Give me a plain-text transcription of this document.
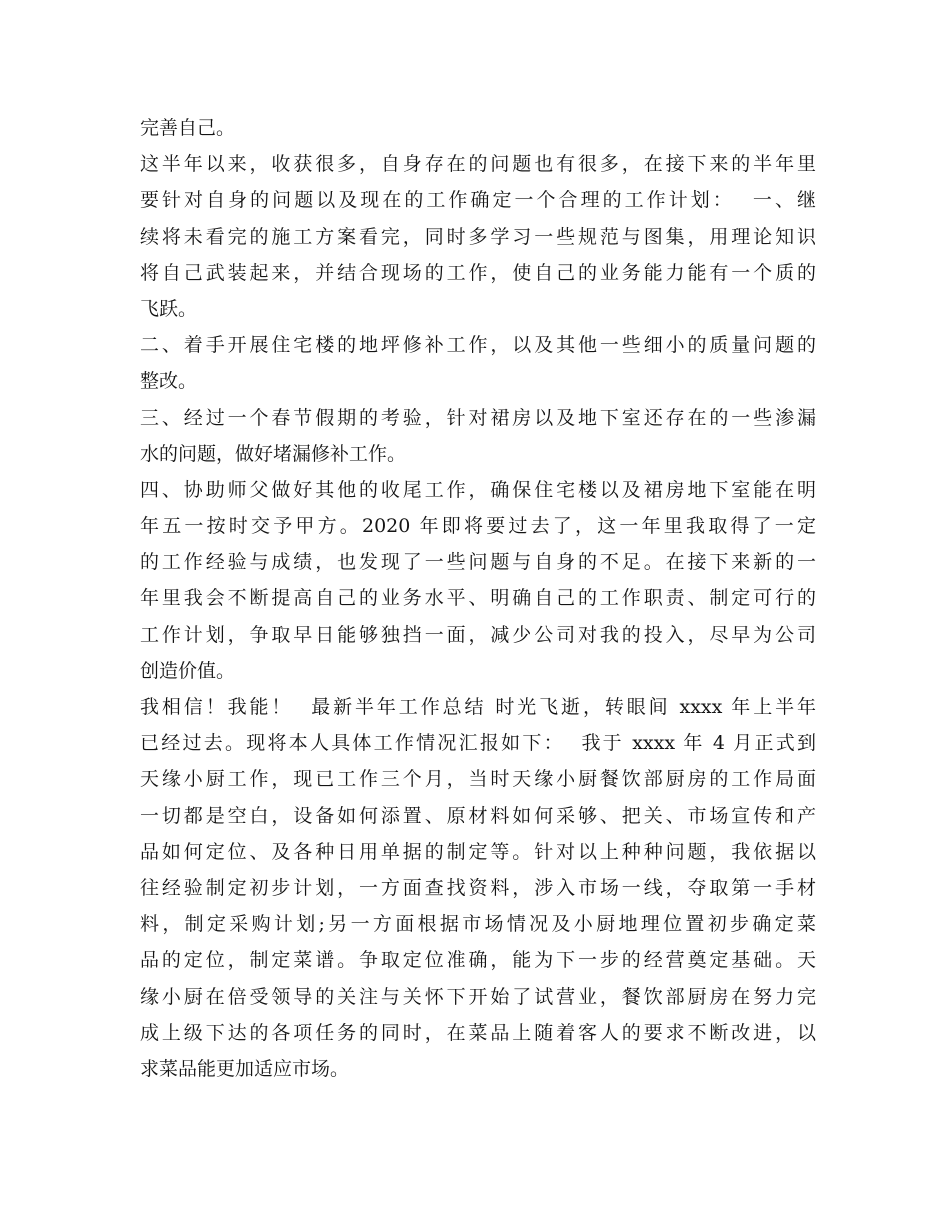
完善自己。
这半年以来，收获很多，自身存在的问题也有很多，在接下来的半年里
要针对自身的问题以及现在的工作确定一个合理的工作计划：  一、继
续将未看完的施工方案看完，同时多学习一些规范与图集，用理论知识
将自己武装起来，并结合现场的工作，使自己的业务能力能有一个质的
飞跃。
二、着手开展住宅楼的地坪修补工作，以及其他一些细小的质量问题的
整改。
三、经过一个春节假期的考验，针对裙房以及地下室还存在的一些渗漏
水的问题，做好堵漏修补工作。
四、协助师父做好其他的收尾工作，确保住宅楼以及裙房地下室能在明
年五一按时交予甲方。2020 年即将要过去了，这一年里我取得了一定
的工作经验与成绩，也发现了一些问题与自身的不足。在接下来新的一
年里我会不断提高自己的业务水平、明确自己的工作职责、制定可行的
工作计划，争取早日能够独挡一面，减少公司对我的投入，尽早为公司
创造价值。
我相信！我能！  最新半年工作总结 时光飞逝，转眼间 xxxx 年上半年
已经过去。现将本人具体工作情况汇报如下：  我于 xxxx 年 4 月正式到
天缘小厨工作，现已工作三个月，当时天缘小厨餐饮部厨房的工作局面
一切都是空白，设备如何添置、原材料如何采够、把关、市场宣传和产
品如何定位、及各种日用单据的制定等。针对以上种种问题，我依据以
往经验制定初步计划，一方面查找资料，涉入市场一线，夺取第一手材
料，制定采购计划;另一方面根据市场情况及小厨地理位置初步确定菜
品的定位，制定菜谱。争取定位准确，能为下一步的经营奠定基础。天
缘小厨在倍受领导的关注与关怀下开始了试营业，餐饮部厨房在努力完
成上级下达的各项任务的同时，在菜品上随着客人的要求不断改进，以
求菜品能更加适应市场。
